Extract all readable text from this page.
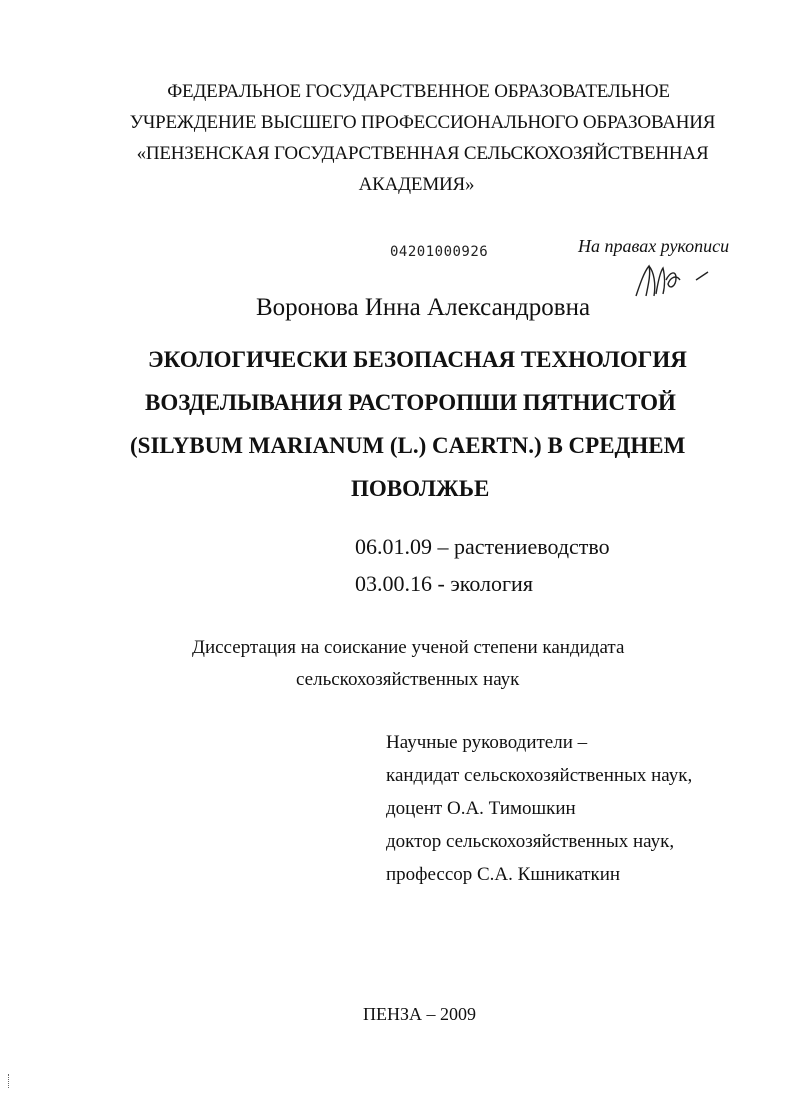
ФЕДЕРАЛЬНОЕ ГОСУДАРСТВЕННОЕ ОБРАЗОВАТЕЛЬНОЕ
УЧРЕЖДЕНИЕ ВЫСШЕГО ПРОФЕССИОНАЛЬНОГО ОБРАЗОВАНИЯ
«ПЕНЗЕНСКАЯ ГОСУДАРСТВЕННАЯ СЕЛЬСКОХОЗЯЙСТВЕННАЯ
АКАДЕМИЯ»
04201000926	На правах рукописи
Воронова Инна Александровна
ЭКОЛОГИЧЕСКИ БЕЗОПАСНАЯ ТЕХНОЛОГИЯ
ВОЗДЕЛЫВАНИЯ РАСТОРОПШИ ПЯТНИСТОЙ
(SILYBUM MARIANUM (L.) CAERTN.) В СРЕДНЕМ
ПОВОЛЖЬЕ
06.01.09 – растениеводство
03.00.16 - экология
Диссертация на соискание ученой степени кандидата
сельскохозяйственных наук
Научные руководители –
кандидат сельскохозяйственных наук,
доцент О.А. Тимошкин
доктор сельскохозяйственных наук,
профессор С.А. Кшникаткин
ПЕНЗА – 2009
